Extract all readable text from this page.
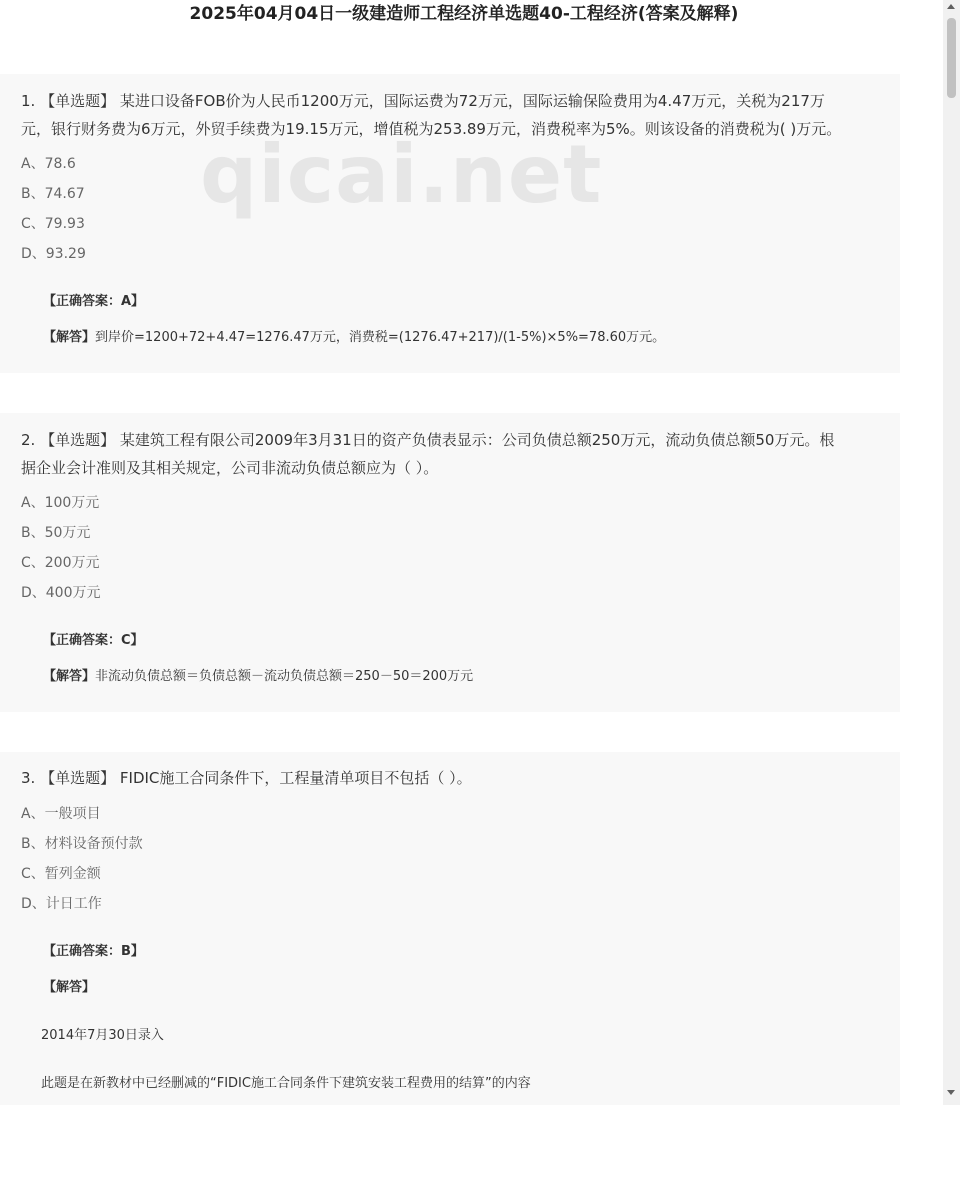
2025年04月04日一级建造师工程经济单选题40-工程经济(答案及解释)
1. 【单选题】 某进口设备FOB价为人民币1200万元，国际运费为72万元，国际运输保险费用为4.47万元，关税为217万
元，银行财务费为6万元，外贸手续费为19.15万元，增值税为253.89万元，消费税率为5%。则该设备的消费税为( )万元。
A、78.6
B、74.67
C、79.93
D、93.29
【正确答案：A】
【解答】到岸价=1200+72+4.47=1276.47万元，消费税=(1276.47+217)/(1-5%)×5%=78.60万元。
qicai.net
2. 【单选题】 某建筑工程有限公司2009年3月31日的资产负债表显示：公司负债总额250万元，流动负债总额50万元。根
据企业会计准则及其相关规定，公司非流动负债总额应为（ ）。
A、100万元
B、50万元
C、200万元
D、400万元
【正确答案：C】
【解答】非流动负债总额＝负债总额－流动负债总额＝250－50＝200万元
3. 【单选题】 FIDIC施工合同条件下，工程量清单项目不包括（ ）。
A、一般项目
B、材料设备预付款
C、暂列金额
D、计日工作
【正确答案：B】
【解答】
2014年7月30日录入
此题是在新教材中已经删减的“FIDIC施工合同条件下建筑安装工程费用的结算”的内容
